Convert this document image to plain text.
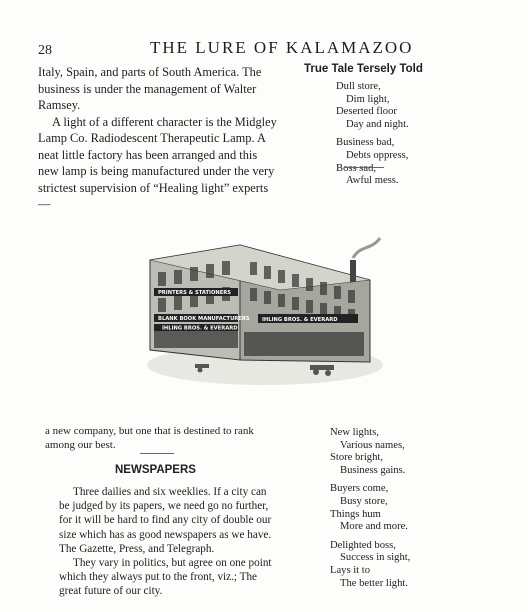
28	THE LURE OF KALAMAZOO

Italy, Spain, and parts of South America. The
business is under the management of Walter
Ramsey.

A light of a different character is the Midgley
Lamp Co. Radiodescent Therapeutic Lamp. A
neat little factory has been arranged and this
new lamp is being manufactured under the very
strictest supervision of “Healing light” experts—

True Tale Tersely Told
Dull store,
Dim light,
Deserted floor
Day and night.
Business bad,
Debts oppress,
Boss sad,
Awful mess.
PRINTERS & STATIONERS
BLANK BOOK MANUFACTURERS
IHLING BROS. & EVERARD
IHLING BROS. & EVERARD
a new company, but one that is destined to rank
among our best.
NEWSPAPERS

Three dailies and six weeklies. If a city can
be judged by its papers, we need go no further,
for it will be hard to find any city of double our
size which has as good newspapers as we have.
The Gazette, Press, and Telegraph.

They vary in politics, but agree on one point
which they always put to the front, viz.; The
great future of our city.

New lights,
Various names,
Store bright,
Business gains.
Buyers come,
Busy store,
Things hum
More and more.
Delighted boss,
Success in sight,
Lays it to
The better light.
